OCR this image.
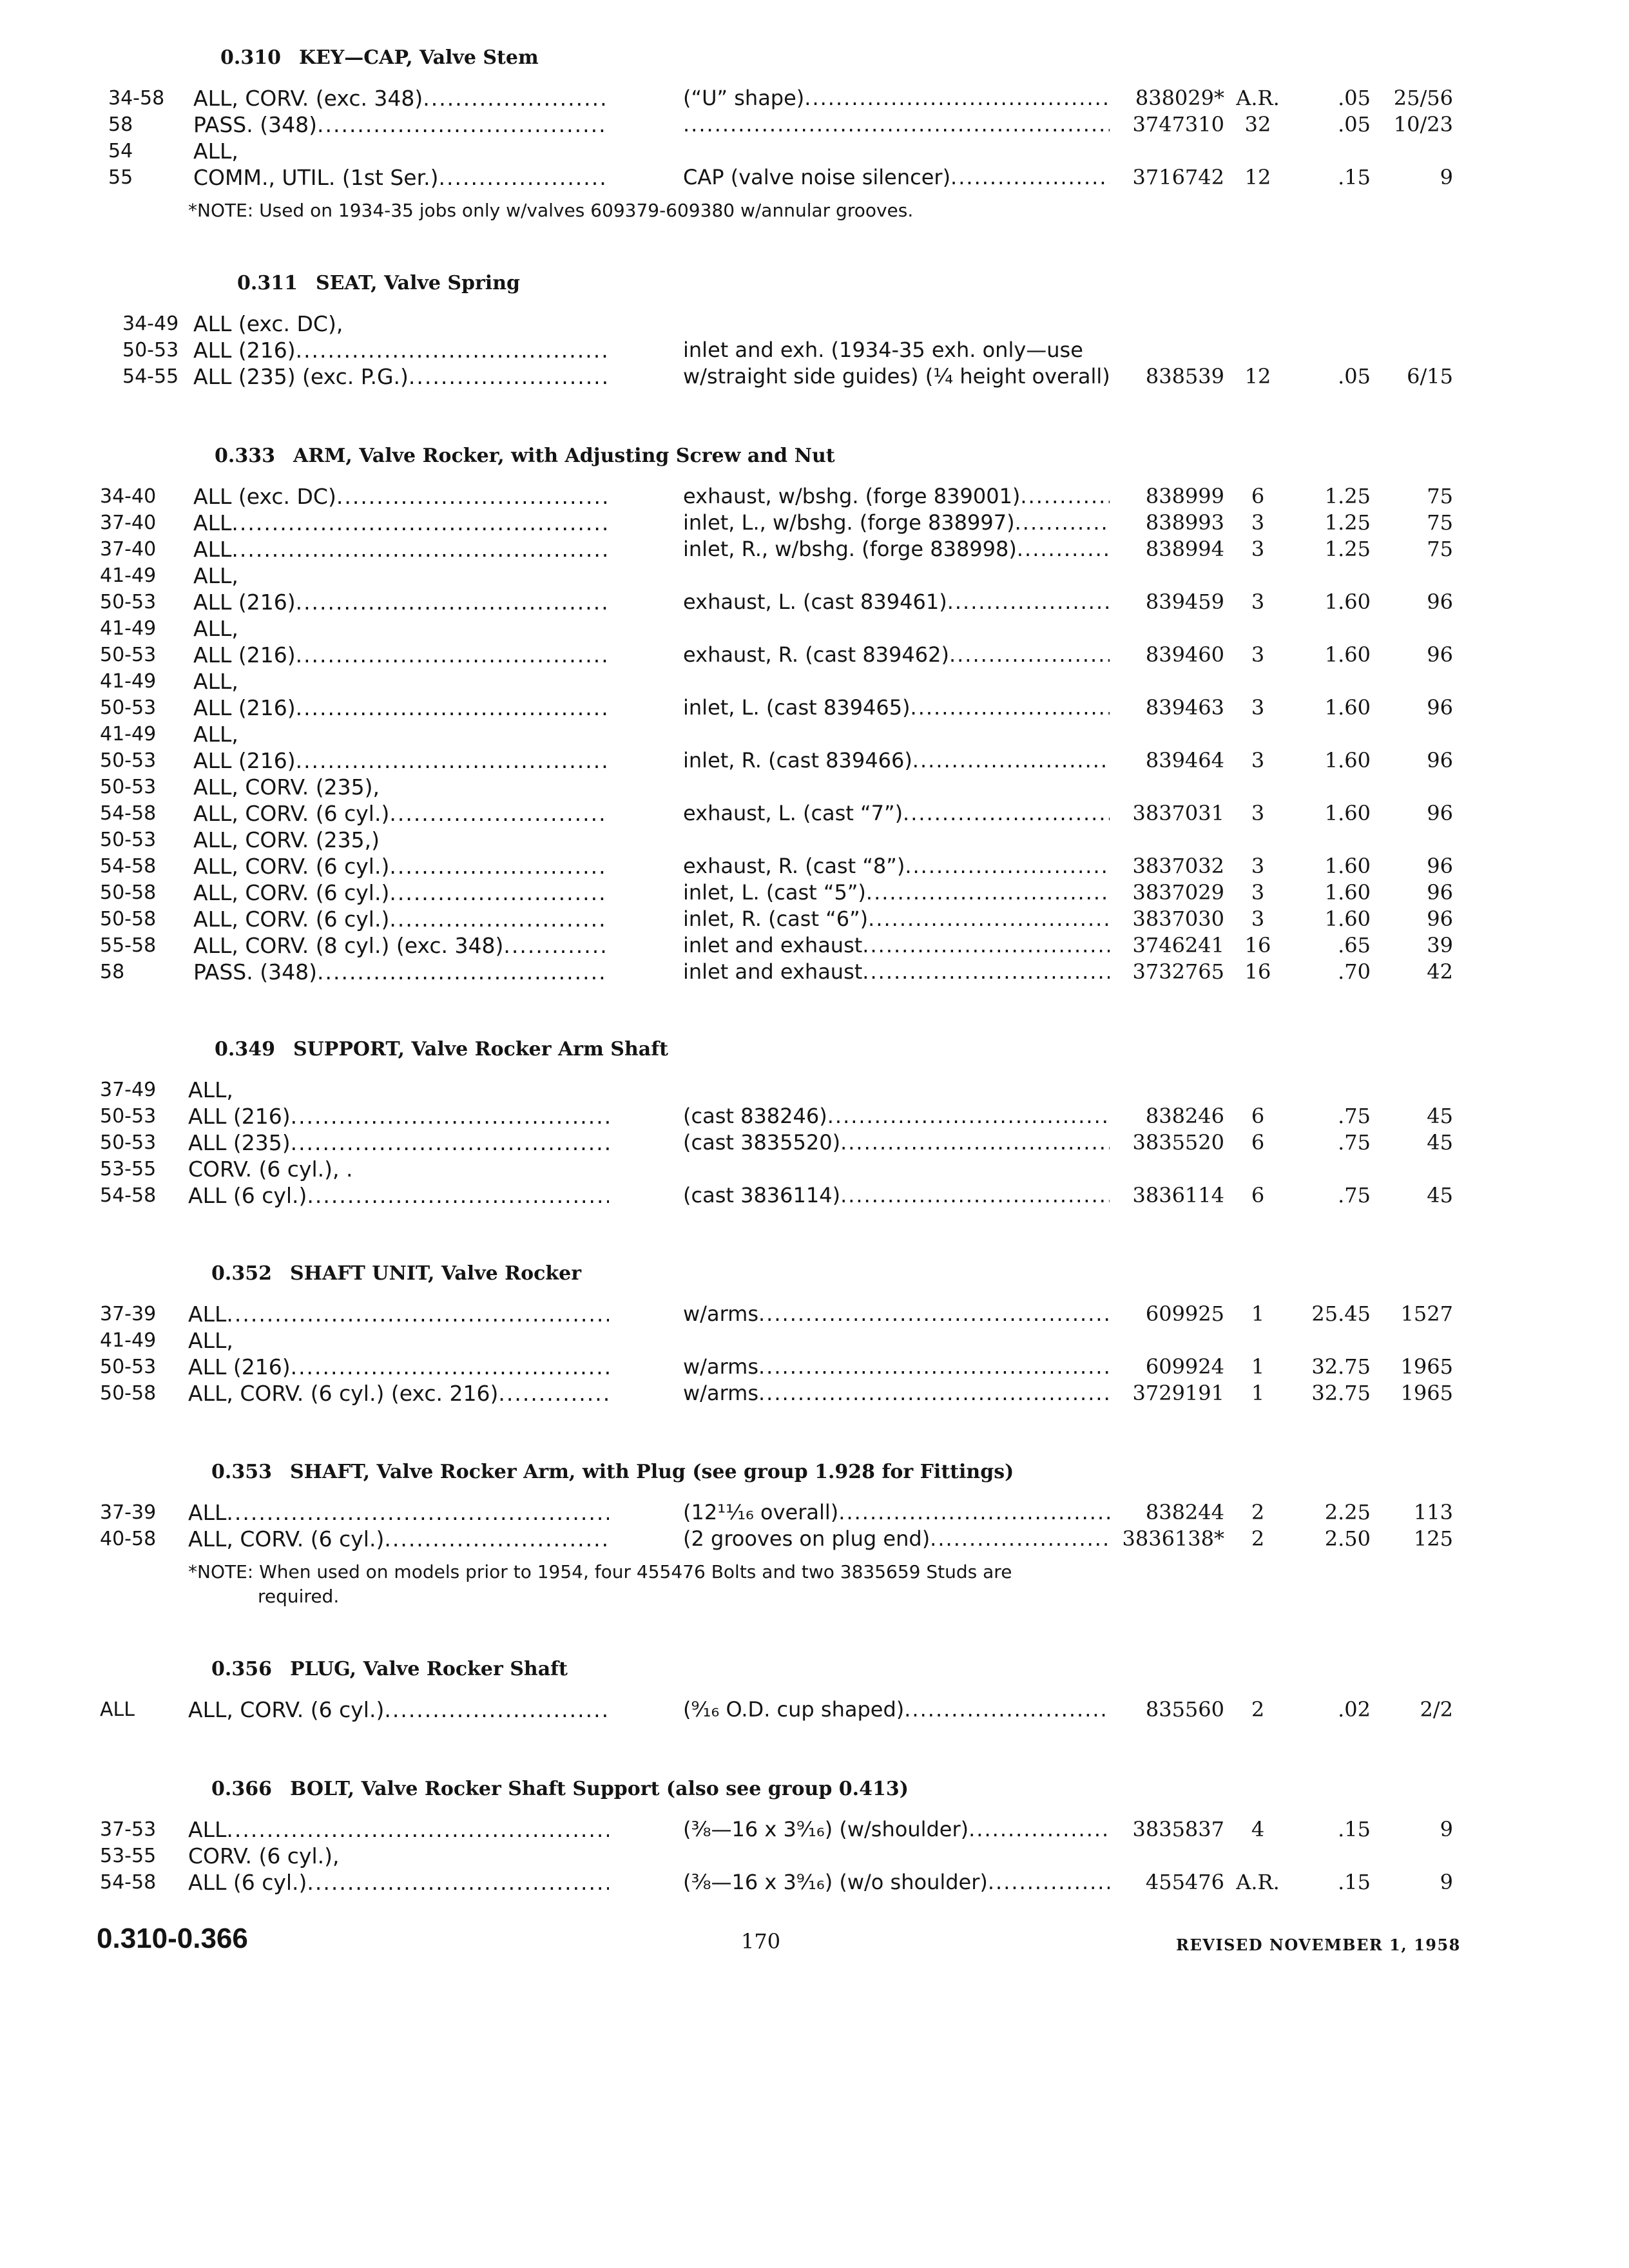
0.310 KEY—CAP, Valve Stem
34-58 ALL, CORV. (exc. 348) .....	(“U” shape) .....	838029* A.R.	.05	25/56
58	PASS. (348) ..... .....	3747310 32	.05	10/23
54	ALL,
55	COMM., UTIL. (1st Ser.) .....	CAP (valve noise silencer) .....	3716742 12	.15	9
*NOTE: Used on 1934-35 jobs only w/valves 609379-609380 w/annular grooves.
0.311 SEAT, Valve Spring
34-49 ALL (exc. DC),
50-53 ALL (216) .....	inlet and exh. (1934-35 exh. only—use
54-55 ALL (235) (exc. P.G.) .....	w/straight side guides) (¼ height overall)	838539 12	.05	6/15
0.333 ARM, Valve Rocker, with Adjusting Screw and Nut
34-40 ALL (exc. DC) .....	exhaust, w/bshg. (forge 839001) .....	838999	6	1.25	75
37-40 ALL .....	inlet, L., w/bshg. (forge 838997) .....	838993	3	1.25	75
37-40 ALL .....	inlet, R., w/bshg. (forge 838998) .....	838994	3	1.25	75
41-49 ALL,
50-53 ALL (216) .....	exhaust, L. (cast 839461) .....	839459	3	1.60	96
41-49 ALL,
50-53 ALL (216) .....	exhaust, R. (cast 839462) .....	839460	3	1.60	96
41-49 ALL,
50-53 ALL (216) .....	inlet, L. (cast 839465) .....	839463	3	1.60	96
41-49 ALL,
50-53 ALL (216) .....	inlet, R. (cast 839466) .....	839464	3	1.60	96
50-53 ALL, CORV. (235),
54-58 ALL, CORV. (6 cyl.) .....	exhaust, L. (cast “7”) .....	3837031	3	1.60	96
50-53 ALL, CORV. (235,)
54-58 ALL, CORV. (6 cyl.) .....	exhaust, R. (cast “8”) .....	3837032	3	1.60	96
50-58 ALL, CORV. (6 cyl.) .....	inlet, L. (cast “5”) .....	3837029	3	1.60	96
50-58 ALL, CORV. (6 cyl.) .....	inlet, R. (cast “6”) .....	3837030	3	1.60	96
55-58 ALL, CORV. (8 cyl.) (exc. 348) .....	inlet and exhaust .....	3746241 16	.65	39
58	PASS. (348) .....	inlet and exhaust .....	3732765 16	.70	42
0.349 SUPPORT, Valve Rocker Arm Shaft
37-49 ALL,
50-53 ALL (216) .....	(cast 838246) .....	838246	6	.75	45
50-53 ALL (235) .....	(cast 3835520) .....	3835520	6	.75	45
53-55 CORV. (6 cyl.), .
54-58 ALL (6 cyl.) .....	(cast 3836114) .....	3836114	6	.75	45
0.352 SHAFT UNIT, Valve Rocker
37-39 ALL .....	w/arms .....	609925	1	25.45	1527
41-49 ALL,
50-53 ALL (216) .....	w/arms .....	609924	1	32.75	1965
50-58 ALL, CORV. (6 cyl.) (exc. 216) .....	w/arms .....	3729191	1	32.75	1965
0.353 SHAFT, Valve Rocker Arm, with Plug (see group 1.928 for Fittings)
37-39 ALL .....	(12¹¹⁄₁₆ overall) .....	838244	2	2.25	113
40-58 ALL, CORV. (6 cyl.) .....	(2 grooves on plug end) .....	3836138*	2	2.50	125
*NOTE: When used on models prior to 1954, four 455476 Bolts and two 3835659 Studs are
required.
0.356 PLUG, Valve Rocker Shaft
ALL	ALL, CORV. (6 cyl.) .....	(⁹⁄₁₆ O.D. cup shaped) .....	835560	2	.02	2/2
0.366 BOLT, Valve Rocker Shaft Support (also see group 0.413)
37-53 ALL .....	(⅜—16 x 3⁹⁄₁₆) (w/shoulder) .....	3835837	4	.15	9
53-55 CORV. (6 cyl.),
54-58 ALL (6 cyl.) .....	(⅜—16 x 3⁹⁄₁₆) (w/o shoulder) .....	455476 A.R.	.15	9
0.310-0.366	170	REVISED NOVEMBER 1, 1958
